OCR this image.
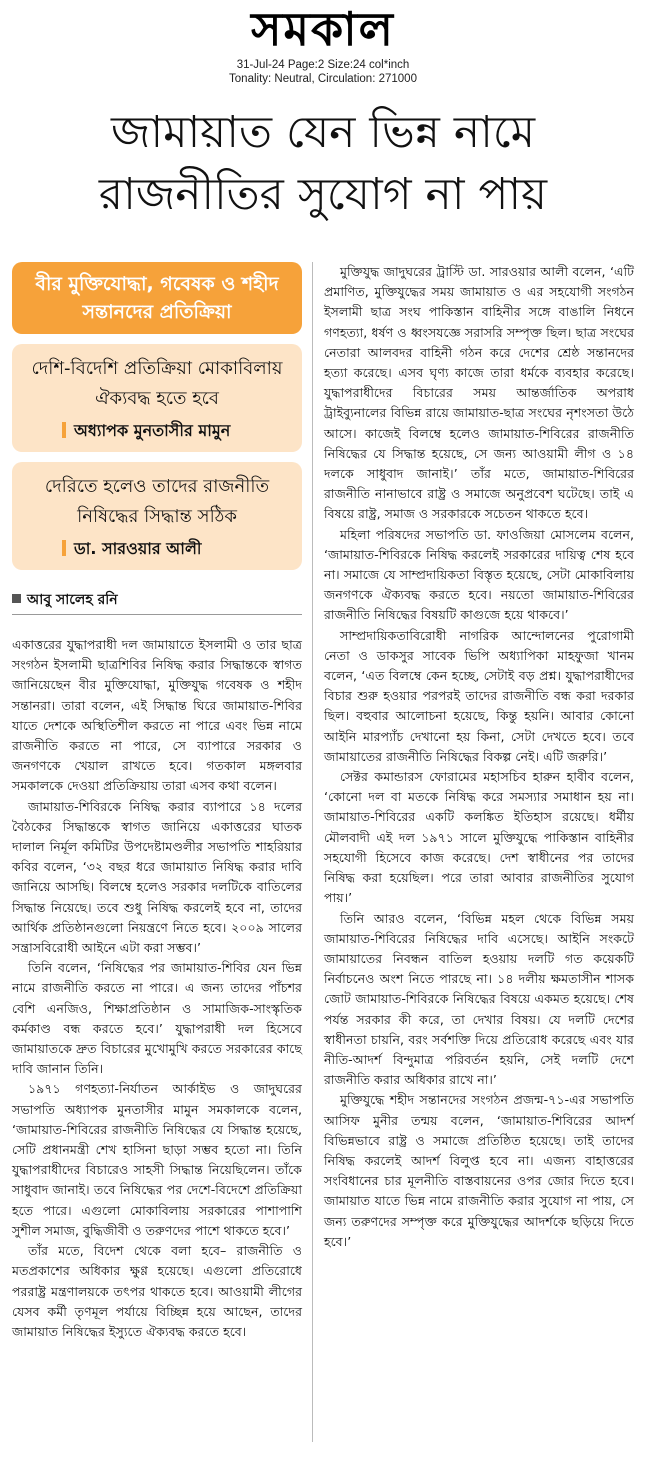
সমকাল
31-Jul-24 Page:2 Size:24 col*inch
Tonality: Neutral, Circulation: 271000
জামায়াত যেন ভিন্ন নামে
রাজনীতির সুযোগ না পায়
বীর মুক্তিযোদ্ধা, গবেষক ও শহীদ সন্তানদের প্রতিক্রিয়া
দেশি-বিদেশি প্রতিক্রিয়া মোকাবিলায় ঐক্যবদ্ধ হতে হবে
অধ্যাপক মুনতাসীর মামুন
দেরিতে হলেও তাদের রাজনীতি নিষিদ্ধের সিদ্ধান্ত সঠিক
ডা. সারওয়ার আলী
আবু সালেহ রনি

একাত্তরের যুদ্ধাপরাধী দল জামায়াতে ইসলামী ও তার ছাত্র সংগঠন ইসলামী ছাত্রশিবির নিষিদ্ধ করার সিদ্ধান্তকে স্বাগত জানিয়েছেন বীর মুক্তিযোদ্ধা, মুক্তিযুদ্ধ গবেষক ও শহীদ সন্তানরা। তারা বলেন, এই সিদ্ধান্ত ঘিরে জামায়াত-শিবির যাতে দেশকে অস্থিতিশীল করতে না পারে এবং ভিন্ন নামে রাজনীতি করতে না পারে, সে ব্যাপারে সরকার ও জনগণকে খেয়াল রাখতে হবে। গতকাল মঙ্গলবার সমকালকে দেওয়া প্রতিক্রিয়ায় তারা এসব কথা বলেন।

জামায়াত-শিবিরকে নিষিদ্ধ করার ব্যাপারে ১৪ দলের বৈঠকের সিদ্ধান্তকে স্বাগত জানিয়ে একাত্তরের ঘাতক দালাল নির্মূল কমিটির উপদেষ্টামণ্ডলীর সভাপতি শাহরিয়ার কবির বলেন, ‘৩২ বছর ধরে জামায়াত নিষিদ্ধ করার দাবি জানিয়ে আসছি। বিলম্বে হলেও সরকার দলটিকে বাতিলের সিদ্ধান্ত নিয়েছে। তবে শুধু নিষিদ্ধ করলেই হবে না, তাদের আর্থিক প্রতিষ্ঠানগুলো নিয়ন্ত্রণে নিতে হবে। ২০০৯ সালের সন্ত্রাসবিরোধী আইনে এটা করা সম্ভব।’

তিনি বলেন, ‘নিষিদ্ধের পর জামায়াত-শিবির যেন ভিন্ন নামে রাজনীতি করতে না পারে। এ জন্য তাদের পাঁচশর বেশি এনজিও, শিক্ষাপ্রতিষ্ঠান ও সামাজিক-সাংস্কৃতিক কর্মকাণ্ড বন্ধ করতে হবে।’ যুদ্ধাপরাধী দল হিসেবে জামায়াতকে দ্রুত বিচারের মুখোমুখি করতে সরকারের কাছে দাবি জানান তিনি।

১৯৭১ গণহত্যা-নির্যাতন আর্কাইভ ও জাদুঘরের সভাপতি অধ্যাপক মুনতাসীর মামুন সমকালকে বলেন, ‘জামায়াত-শিবিরের রাজনীতি নিষিদ্ধের যে সিদ্ধান্ত হয়েছে, সেটি প্রধানমন্ত্রী শেখ হাসিনা ছাড়া সম্ভব হতো না। তিনি যুদ্ধাপরাধীদের বিচারেও সাহসী সিদ্ধান্ত নিয়েছিলেন। তাঁকে সাধুবাদ জানাই। তবে নিষিদ্ধের পর দেশে-বিদেশে প্রতিক্রিয়া হতে পারে। এগুলো মোকাবিলায় সরকারের পাশাপাশি সুশীল সমাজ, বুদ্ধিজীবী ও তরুণদের পাশে থাকতে হবে।’

তাঁর মতে, বিদেশ থেকে বলা হবে– রাজনীতি ও মতপ্রকাশের অধিকার ক্ষুণ্ণ হয়েছে। এগুলো প্রতিরোধে পররাষ্ট্র মন্ত্রণালয়কে তৎপর থাকতে হবে। আওয়ামী লীগের যেসব কর্মী তৃণমূল পর্যায়ে বিচ্ছিন্ন হয়ে আছেন, তাদের জামায়াত নিষিদ্ধের ইস্যুতে ঐক্যবদ্ধ করতে হবে।

মুক্তিযুদ্ধ জাদুঘরের ট্রাস্টি ডা. সারওয়ার আলী বলেন, ‘এটি প্রমাণিত, মুক্তিযুদ্ধের সময় জামায়াত ও এর সহযোগী সংগঠন ইসলামী ছাত্র সংঘ পাকিস্তান বাহিনীর সঙ্গে বাঙালি নিধনে গণহত্যা, ধর্ষণ ও ধ্বংসযজ্ঞে সরাসরি সম্পৃক্ত ছিল। ছাত্র সংঘের নেতারা আলবদর বাহিনী গঠন করে দেশের শ্রেষ্ঠ সন্তানদের হত্যা করেছে। এসব ঘৃণ্য কাজে তারা ধর্মকে ব্যবহার করেছে। যুদ্ধাপরাধীদের বিচারের সময় আন্তর্জাতিক অপরাধ ট্রাইব্যুনালের বিভিন্ন রায়ে জামায়াত-ছাত্র সংঘের নৃশংসতা উঠে আসে। কাজেই বিলম্বে হলেও জামায়াত-শিবিরের রাজনীতি নিষিদ্ধের যে সিদ্ধান্ত হয়েছে, সে জন্য আওয়ামী লীগ ও ১৪ দলকে সাধুবাদ জানাই।’ তাঁর মতে, জামায়াত-শিবিরের রাজনীতি নানাভাবে রাষ্ট্র ও সমাজে অনুপ্রবেশ ঘটেছে। তাই এ বিষয়ে রাষ্ট্র, সমাজ ও সরকারকে সচেতন থাকতে হবে।

মহিলা পরিষদের সভাপতি ডা. ফাওজিয়া মোসলেম বলেন, ‘জামায়াত-শিবিরকে নিষিদ্ধ করলেই সরকারের দায়িত্ব শেষ হবে না। সমাজে যে সাম্প্রদায়িকতা বিস্তৃত হয়েছে, সেটা মোকাবিলায় জনগণকে ঐক্যবদ্ধ করতে হবে। নয়তো জামায়াত-শিবিরের রাজনীতি নিষিদ্ধের বিষয়টি কাগুজে হয়ে থাকবে।’

সাম্প্রদায়িকতাবিরোধী নাগরিক আন্দোলনের পুরোগামী নেতা ও ডাকসুর সাবেক ভিপি অধ্যাপিকা মাহফুজা খানম বলেন, ‘এত বিলম্বে কেন হচ্ছে, সেটাই বড় প্রশ্ন। যুদ্ধাপরাধীদের বিচার শুরু হওয়ার পরপরই তাদের রাজনীতি বন্ধ করা দরকার ছিল। বহুবার আলোচনা হয়েছে, কিন্তু হয়নি। আবার কোনো আইনি মারপ্যাঁচ দেখানো হয় কিনা, সেটা দেখতে হবে। তবে জামায়াতের রাজনীতি নিষিদ্ধের বিকল্প নেই। এটি জরুরি।’

সেক্টর কমান্ডারস ফোরামের মহাসচিব হারুন হাবীব বলেন, ‘কোনো দল বা মতকে নিষিদ্ধ করে সমস্যার সমাধান হয় না। জামায়াত-শিবিরের একটি কলঙ্কিত ইতিহাস রয়েছে। ধর্মীয় মৌলবাদী এই দল ১৯৭১ সালে মুক্তিযুদ্ধে পাকিস্তান বাহিনীর সহযোগী হিসেবে কাজ করেছে। দেশ স্বাধীনের পর তাদের নিষিদ্ধ করা হয়েছিল। পরে তারা আবার রাজনীতির সুযোগ পায়।’

তিনি আরও বলেন, ‘বিভিন্ন মহল থেকে বিভিন্ন সময় জামায়াত-শিবিরের নিষিদ্ধের দাবি এসেছে। আইনি সংকটে জামায়াতের নিবন্ধন বাতিল হওয়ায় দলটি গত কয়েকটি নির্বাচনেও অংশ নিতে পারছে না। ১৪ দলীয় ক্ষমতাসীন শাসক জোট জামায়াত-শিবিরকে নিষিদ্ধের বিষয়ে একমত হয়েছে। শেষ পর্যন্ত সরকার কী করে, তা দেখার বিষয়। যে দলটি দেশের স্বাধীনতা চায়নি, বরং সর্বশক্তি দিয়ে প্রতিরোধ করেছে এবং যার নীতি-আদর্শ বিন্দুমাত্র পরিবর্তন হয়নি, সেই দলটি দেশে রাজনীতি করার অধিকার রাখে না।’

মুক্তিযুদ্ধে শহীদ সন্তানদের সংগঠন প্রজন্ম-৭১-এর সভাপতি আসিফ মুনীর তন্ময় বলেন, ‘জামায়াত-শিবিরের আদর্শ বিভিন্নভাবে রাষ্ট্র ও সমাজে প্রতিষ্ঠিত হয়েছে। তাই তাদের নিষিদ্ধ করলেই আদর্শ বিলুপ্ত হবে না। এজন্য বাহাত্তরের সংবিধানের চার মূলনীতি বাস্তবায়নের ওপর জোর দিতে হবে। জামায়াত যাতে ভিন্ন নামে রাজনীতি করার সুযোগ না পায়, সে জন্য তরুণদের সম্পৃক্ত করে মুক্তিযুদ্ধের আদর্শকে ছড়িয়ে দিতে হবে।’
